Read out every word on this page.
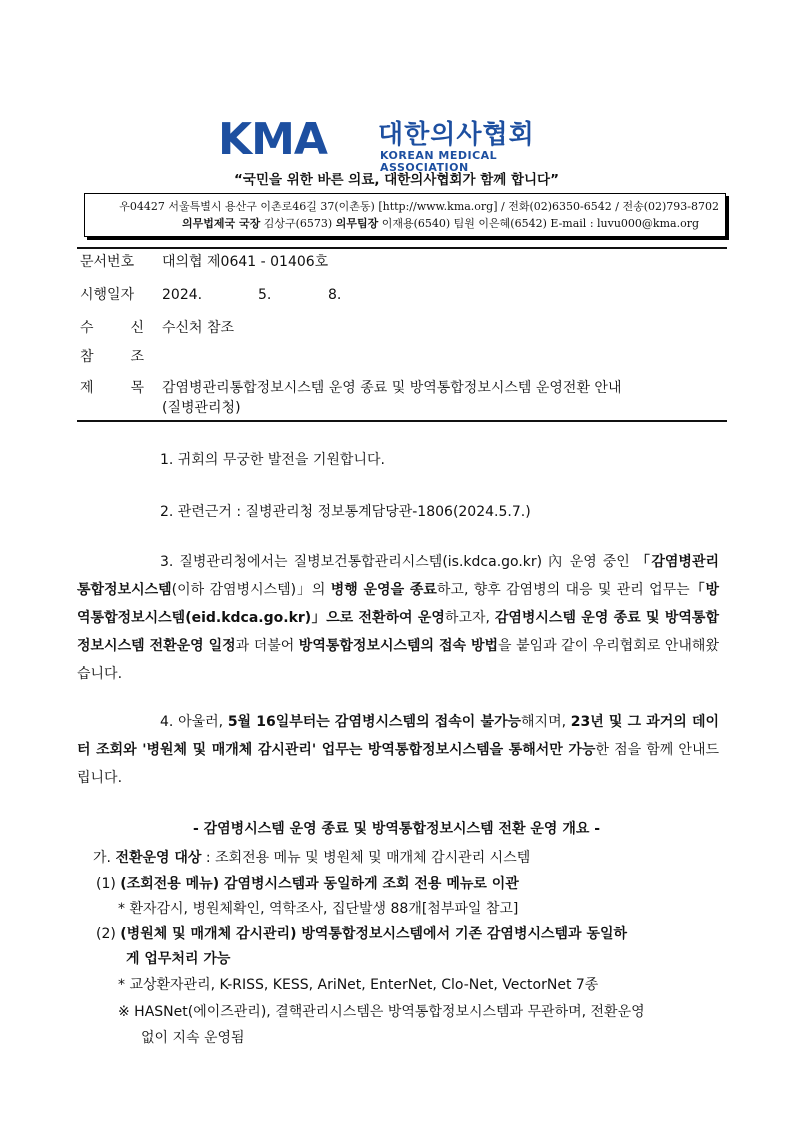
KMA 대한의사협회
KOREAN MEDICAL ASSOCIATION
“국민을 위한 바른 의료, 대한의사협회가 함께 합니다”
우04427 서울특별시 용산구 이촌로46길 37(이촌동) [http://www.kma.org] / 전화(02)6350-6542 / 전송(02)793-8702
의무법제국 국장 김상구(6573) 의무팀장 이재용(6540) 팀원 이은혜(6542) E-mail : luvu000@kma.org
문서번호 대의협 제0641 - 01406호
시행일자 2024.	5.	8.
수	신 수신처 참조
참	조
제	목 감염병관리통합정보시스템 운영 종료 및 방역통합정보시스템 운영전환 안내
(질병관리청)
1. 귀회의 무궁한 발전을 기원합니다.
2. 관련근거 : 질병관리청 정보통계담당관-1806(2024.5.7.)
3. 질병관리청에서는 질병보건통합관리시스템(is.kdca.go.kr) 內 운영 중인 「감염병관리통합정보시스템(이하 감염병시스템)」의 병행 운영을 종료하고, 향후 감염병의 대응 및 관리 업무는「방역통합정보시스템(eid.kdca.go.kr)」으로 전환하여 운영하고자, 감염병시스템 운영 종료 및 방역통합정보시스템 전환운영 일정과 더불어 방역통합정보시스템의 접속 방법을 붙임과 같이 우리협회로 안내해왔습니다.
4. 아울러, 5월 16일부터는 감염병시스템의 접속이 불가능해지며, 23년 및 그 과거의 데이터 조회와 '병원체 및 매개체 감시관리' 업무는 방역통합정보시스템을 통해서만 가능한 점을 함께 안내드립니다.
- 감염병시스템 운영 종료 및 방역통합정보시스템 전환 운영 개요 -
가. 전환운영 대상 : 조회전용 메뉴 및 병원체 및 매개체 감시관리 시스템
(1) (조회전용 메뉴) 감염병시스템과 동일하게 조회 전용 메뉴로 이관
* 환자감시, 병원체확인, 역학조사, 집단발생 88개[첨부파일 참고]
(2) (병원체 및 매개체 감시관리) 방역통합정보시스템에서 기존 감염병시스템과 동일하
게 업무처리 가능
* 교상환자관리, K-RISS, KESS, AriNet, EnterNet, Clo-Net, VectorNet 7종
※ HASNet(에이즈관리), 결핵관리시스템은 방역통합정보시스템과 무관하며, 전환운영
없이 지속 운영됨
